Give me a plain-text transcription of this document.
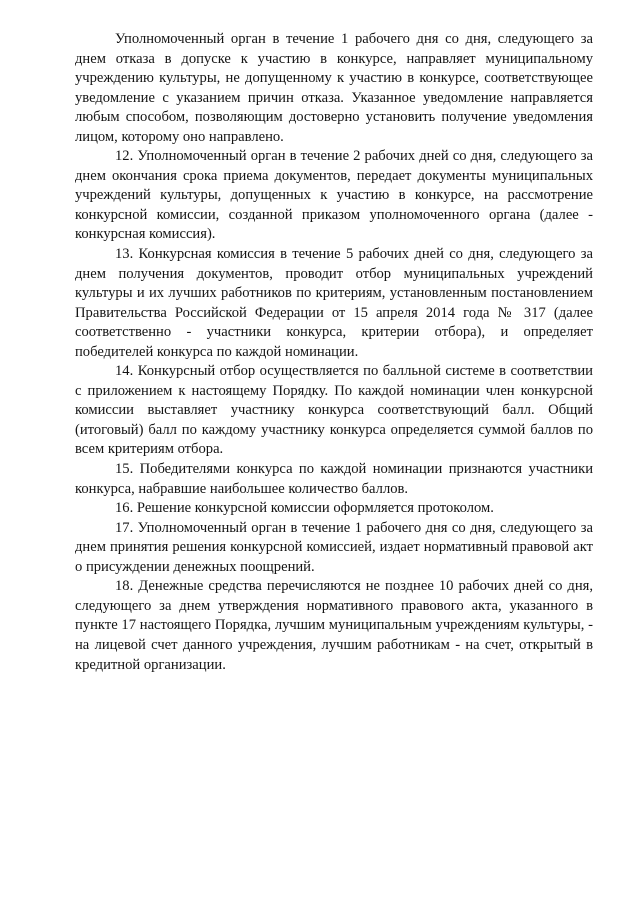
Уполномоченный орган в течение 1 рабочего дня со дня, следующего за днем отказа в допуске к участию в конкурсе, направляет муниципальному учреждению культуры, не допущенному к участию в конкурсе, соответствующее уведомление с указанием причин отказа. Указанное уведомление направляется любым способом, позволяющим достоверно установить получение уведомления лицом, которому оно направлено.

12. Уполномоченный орган в течение 2 рабочих дней со дня, следующего за днем окончания срока приема документов, передает документы муниципальных учреждений культуры, допущенных к участию в конкурсе, на рассмотрение конкурсной комиссии, созданной приказом уполномоченного органа (далее - конкурсная комиссия).

13. Конкурсная комиссия в течение 5 рабочих дней со дня, следующего за днем получения документов, проводит отбор муниципальных учреждений культуры и их лучших работников по критериям, установленным постановлением Правительства Российской Федерации от 15 апреля 2014 года № 317 (далее соответственно - участники конкурса, критерии отбора), и определяет победителей конкурса по каждой номинации.

14. Конкурсный отбор осуществляется по балльной системе в соответствии с приложением к настоящему Порядку. По каждой номинации член конкурсной комиссии выставляет участнику конкурса соответствующий балл. Общий (итоговый) балл по каждому участнику конкурса определяется суммой баллов по всем критериям отбора.

15. Победителями конкурса по каждой номинации признаются участники конкурса, набравшие наибольшее количество баллов.

16. Решение конкурсной комиссии оформляется протоколом.

17. Уполномоченный орган в течение 1 рабочего дня со дня, следующего за днем принятия решения конкурсной комиссией, издает нормативный правовой акт о присуждении денежных поощрений.

18. Денежные средства перечисляются не позднее 10 рабочих дней со дня, следующего за днем утверждения нормативного правового акта, указанного в пункте 17 настоящего Порядка, лучшим муниципальным учреждениям культуры, - на лицевой счет данного учреждения, лучшим работникам - на счет, открытый в кредитной организации.
